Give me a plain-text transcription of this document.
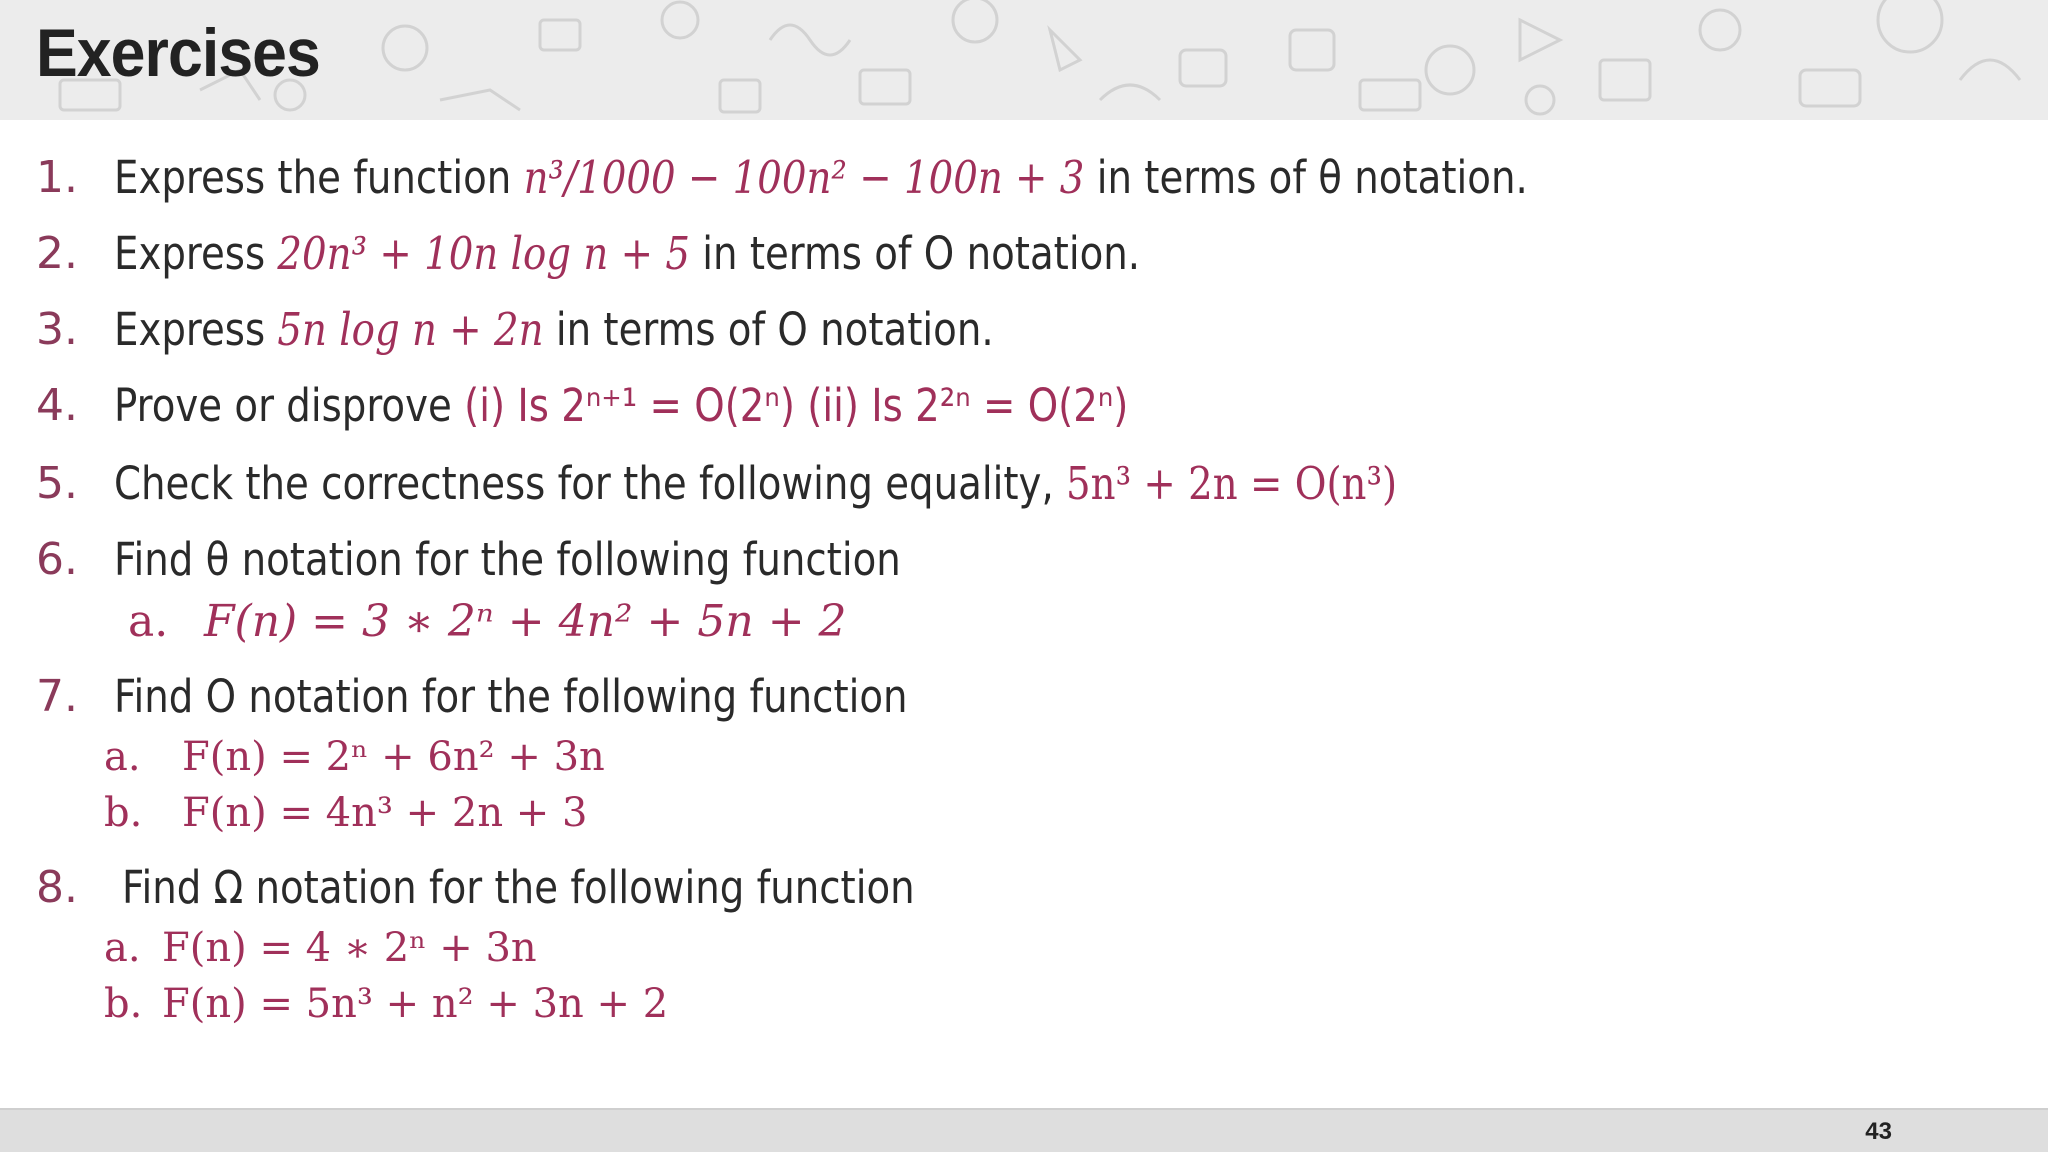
Exercises
1. Express the function n³/1000 − 100n² − 100n + 3 in terms of θ notation.
2. Express 20n³ + 10n log n + 5 in terms of O notation.
3. Express 5n log n + 2n in terms of O notation.
4. Prove or disprove (i) Is 2ⁿ⁺¹ = O(2ⁿ) (ii) Is 2²ⁿ = O(2ⁿ)
5. Check the correctness for the following equality, 5n³ + 2n = O(n³)
6. Find θ notation for the following function
a. F(n) = 3 ∗ 2ⁿ + 4n² + 5n + 2
7. Find O notation for the following function
a. F(n) = 2ⁿ + 6n² + 3n
b. F(n) = 4n³ + 2n + 3
8. Find Ω notation for the following function
a. F(n) = 4 ∗ 2ⁿ + 3n
b. F(n) = 5n³ + n² + 3n + 2
43
